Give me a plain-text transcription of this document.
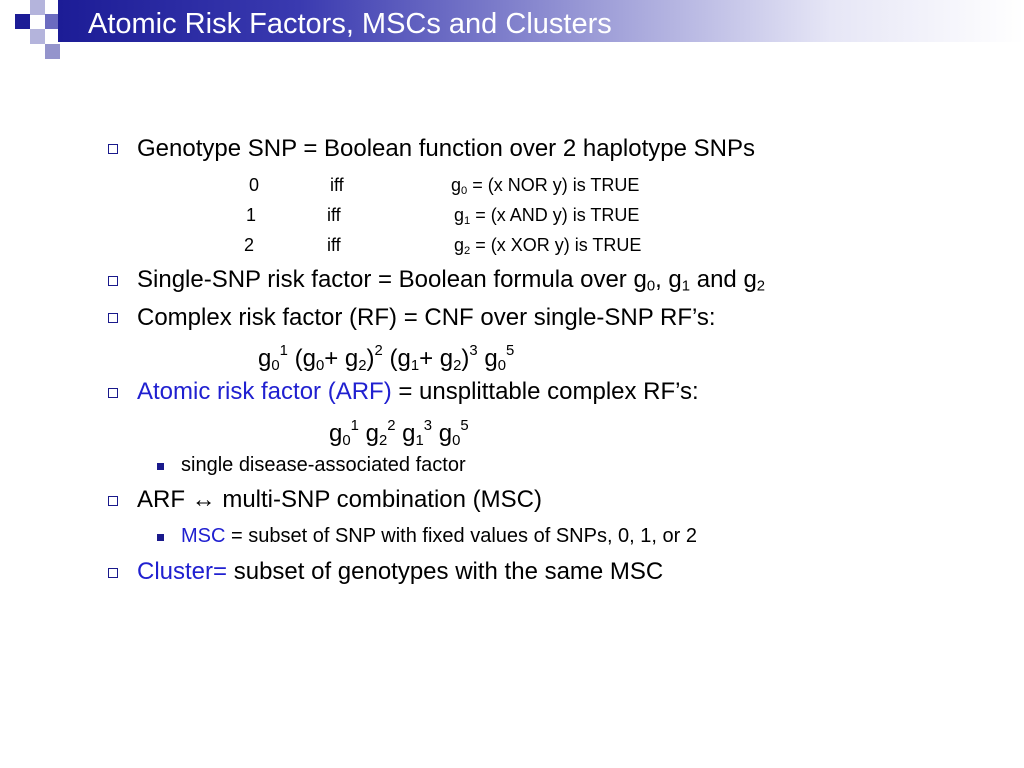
Atomic Risk Factors, MSCs and Clusters
Genotype SNP = Boolean function over 2 haplotype SNPs
0	iff	$g_0 = (x$ NOR y) is TRUE
1	iff	$g_1 = (x$ AND y) is TRUE
2	iff	$g_2 = (x$ XOR y) is TRUE
Single-SNP risk factor = Boolean formula over $g_0$, $g_1$ and $g_2$
Complex risk factor (RF) = CNF over single-SNP RF’s:
$g_0^1$ $(g_0+ g_2)^2$ $(g_1+ g_2)^3$ $g_0^5$
Atomic risk factor (ARF) = unsplittable complex RF’s:
$g_0^1$ $g_2^2$ $g_1^3$ $g_0^5$
single disease-associated factor
ARF ↔ multi-SNP combination (MSC)
MSC = subset of SNP with fixed values of SNPs, 0, 1, or 2
Cluster= subset of genotypes with the same MSC
